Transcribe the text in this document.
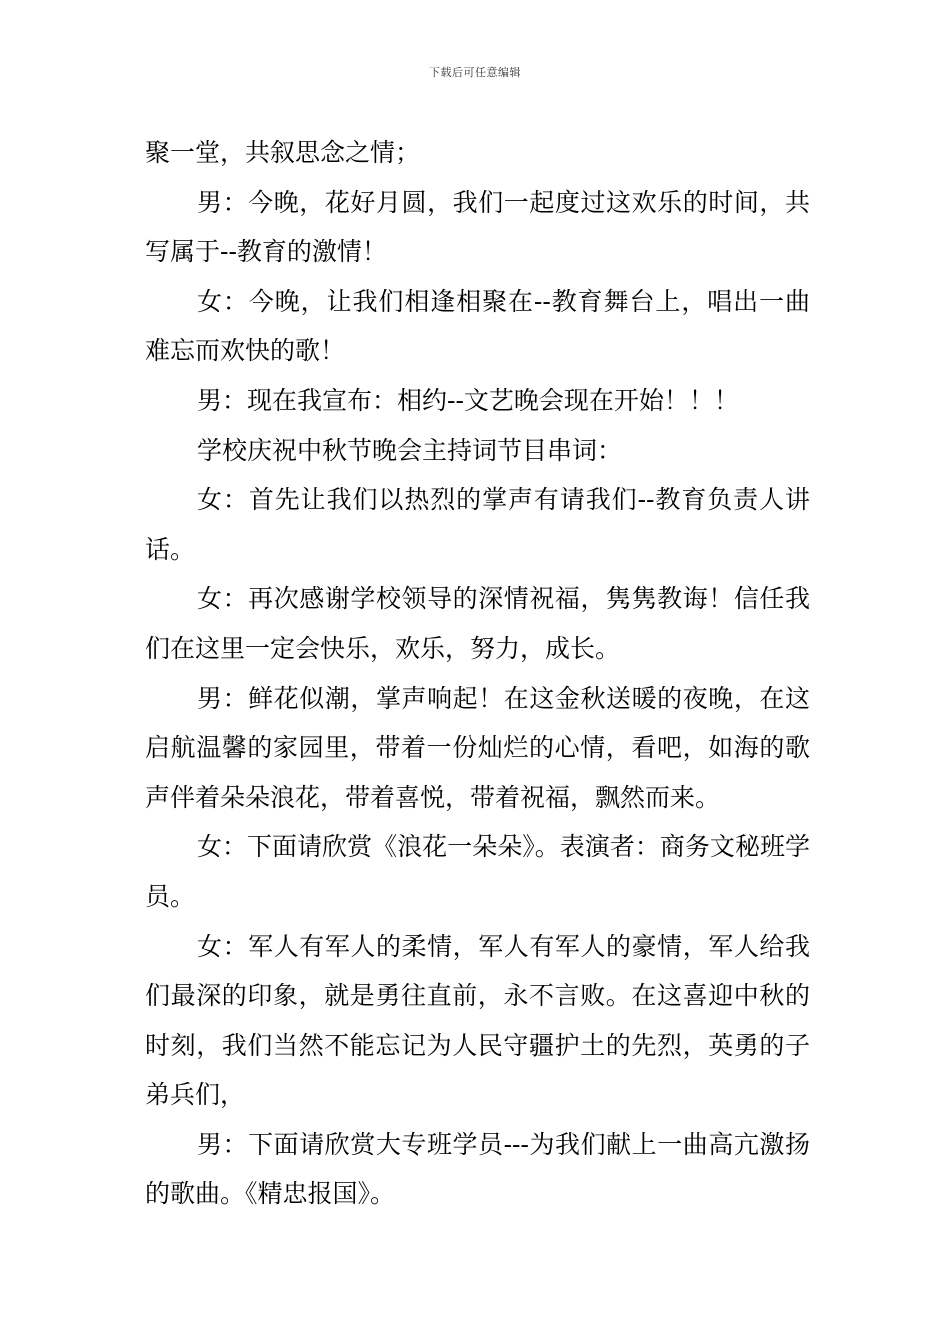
下载后可任意编辑

聚一堂，共叙思念之情；

男：今晚，花好月圆，我们一起度过这欢乐的时间，共写属于--教育的激情！

女：今晚，让我们相逢相聚在--教育舞台上，唱出一曲难忘而欢快的歌！

男：现在我宣布：相约--文艺晚会现在开始！！！

学校庆祝中秋节晚会主持词节目串词：

女：首先让我们以热烈的掌声有请我们--教育负责人讲话。

女：再次感谢学校领导的深情祝福，隽隽教诲！信任我们在这里一定会快乐，欢乐，努力，成长。

男：鲜花似潮，掌声响起！在这金秋送暖的夜晚，在这启航温馨的家园里，带着一份灿烂的心情，看吧，如海的歌声伴着朵朵浪花，带着喜悦，带着祝福，飘然而来。

女：下面请欣赏《浪花一朵朵》。表演者：商务文秘班学员。

女：军人有军人的柔情，军人有军人的豪情，军人给我们最深的印象，就是勇往直前，永不言败。在这喜迎中秋的时刻，我们当然不能忘记为人民守疆护土的先烈，英勇的子弟兵们，

男：下面请欣赏大专班学员---为我们献上一曲高亢激扬的歌曲。《精忠报国》。
